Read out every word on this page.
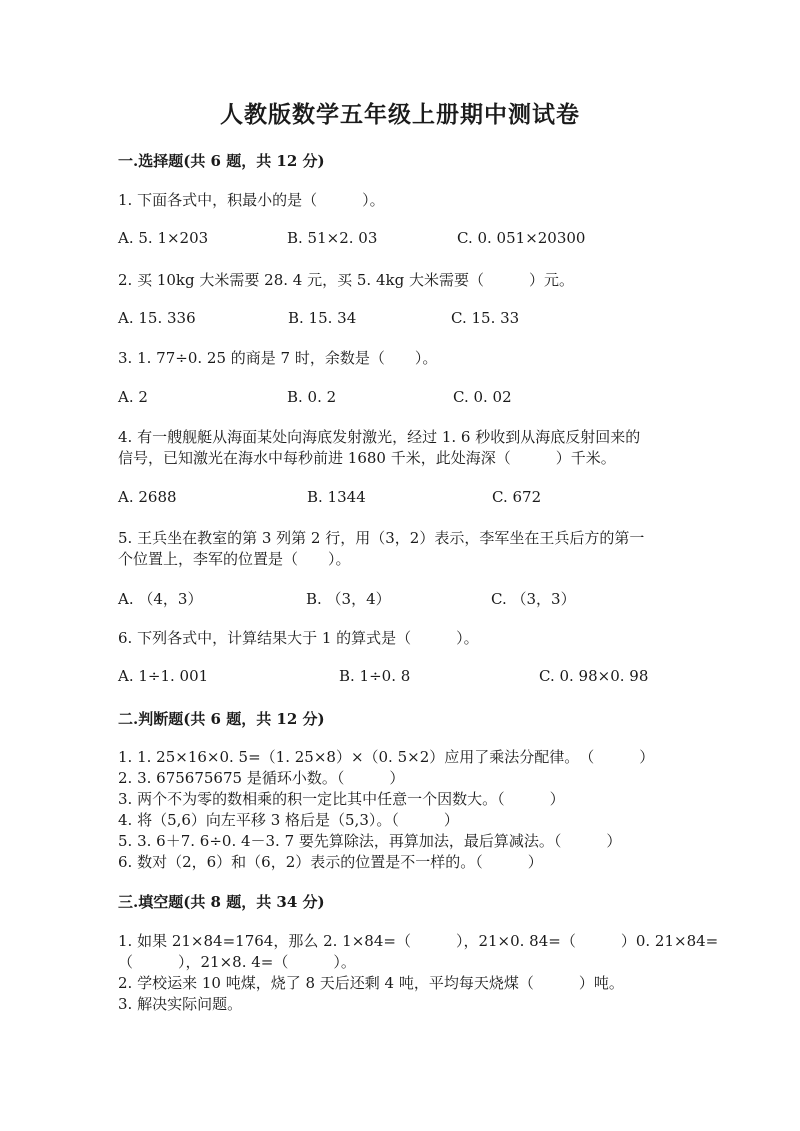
人教版数学五年级上册期中测试卷
一.选择题(共 6 题，共 12 分)
1. 下面各式中，积最小的是（　　　）。
A. 5. 1×203	B. 51×2. 03	C. 0. 051×20300
2. 买 10kg 大米需要 28. 4 元，买 5. 4kg 大米需要（　　　）元。
A. 15. 336	B. 15. 34	C. 15. 33
3. 1. 77÷0. 25 的商是 7 时，余数是（　　）。
A. 2	B. 0. 2	C. 0. 02
4. 有一艘舰艇从海面某处向海底发射激光，经过 1. 6 秒收到从海底反射回来的
信号，已知激光在海水中每秒前进 1680 千米，此处海深（　　　）千米。
A. 2688	B. 1344	C. 672
5. 王兵坐在教室的第 3 列第 2 行，用（3，2）表示，李军坐在王兵后方的第一
个位置上，李军的位置是（　　）。
A. （4，3）	B. （3，4）	C. （3，3）
6. 下列各式中，计算结果大于 1 的算式是（　　　）。
A. 1÷1. 001	B. 1÷0. 8	C. 0. 98×0. 98
二.判断题(共 6 题，共 12 分)
1. 1. 25×16×0. 5=（1. 25×8）×（0. 5×2）应用了乘法分配律。　（　　　）
2. 3. 675675675 是循环小数。（　　　）
3. 两个不为零的数相乘的积一定比其中任意一个因数大。（　　　）
4. 将（5,6）向左平移 3 格后是（5,3）。（　　　）
5. 3. 6＋7. 6÷0. 4－3. 7 要先算除法，再算加法，最后算减法。（　　　）
6. 数对（2，6）和（6，2）表示的位置是不一样的。（　　　）
三.填空题(共 8 题，共 34 分)
1. 如果 21×84=1764，那么 2. 1×84=（　　　），21×0. 84=（　　　）0. 21×84=
（　　　），21×8. 4=（　　　）。
2. 学校运来 10 吨煤，烧了 8 天后还剩 4 吨，平均每天烧煤（　　　）吨。
3. 解决实际问题。
